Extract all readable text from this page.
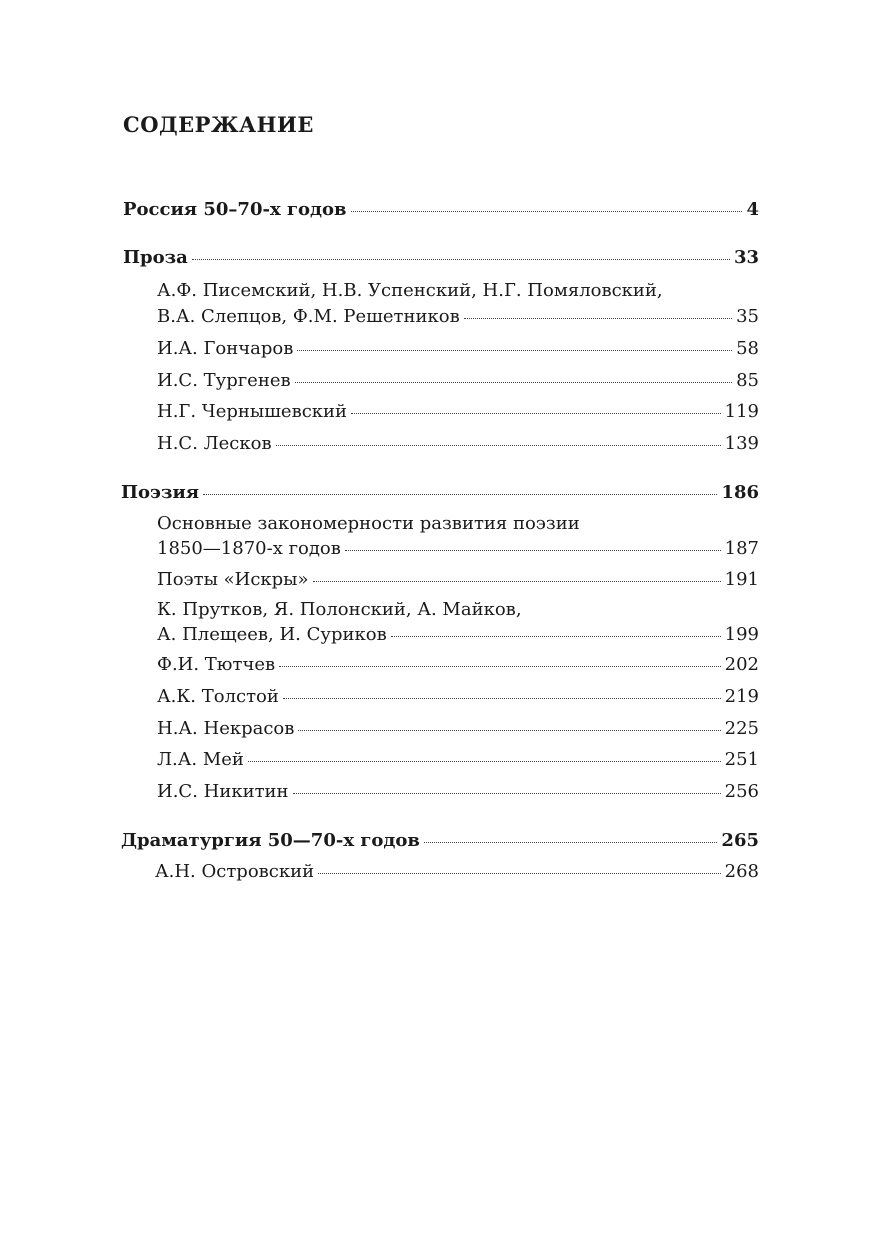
СОДЕРЖАНИЕ
Россия 50–70-х годов	4
Проза	33
А.Ф. Писемский, Н.В. Успенский, Н.Г. Помяловский,
В.А. Слепцов, Ф.М. Решетников	35
И.А. Гончаров	58
И.С. Тургенев	85
Н.Г. Чернышевский	119
Н.С. Лесков	139
Поэзия	186
Основные закономерности развития поэзии
1850—1870-х годов	187
Поэты «Искры»	191
К. Прутков, Я. Полонский, А. Майков,
А. Плещеев, И. Суриков	199
Ф.И. Тютчев	202
А.К. Толстой	219
Н.А. Некрасов	225
Л.А. Мей	251
И.С. Никитин	256
Драматургия 50—70-х годов	265
А.Н. Островский	268
